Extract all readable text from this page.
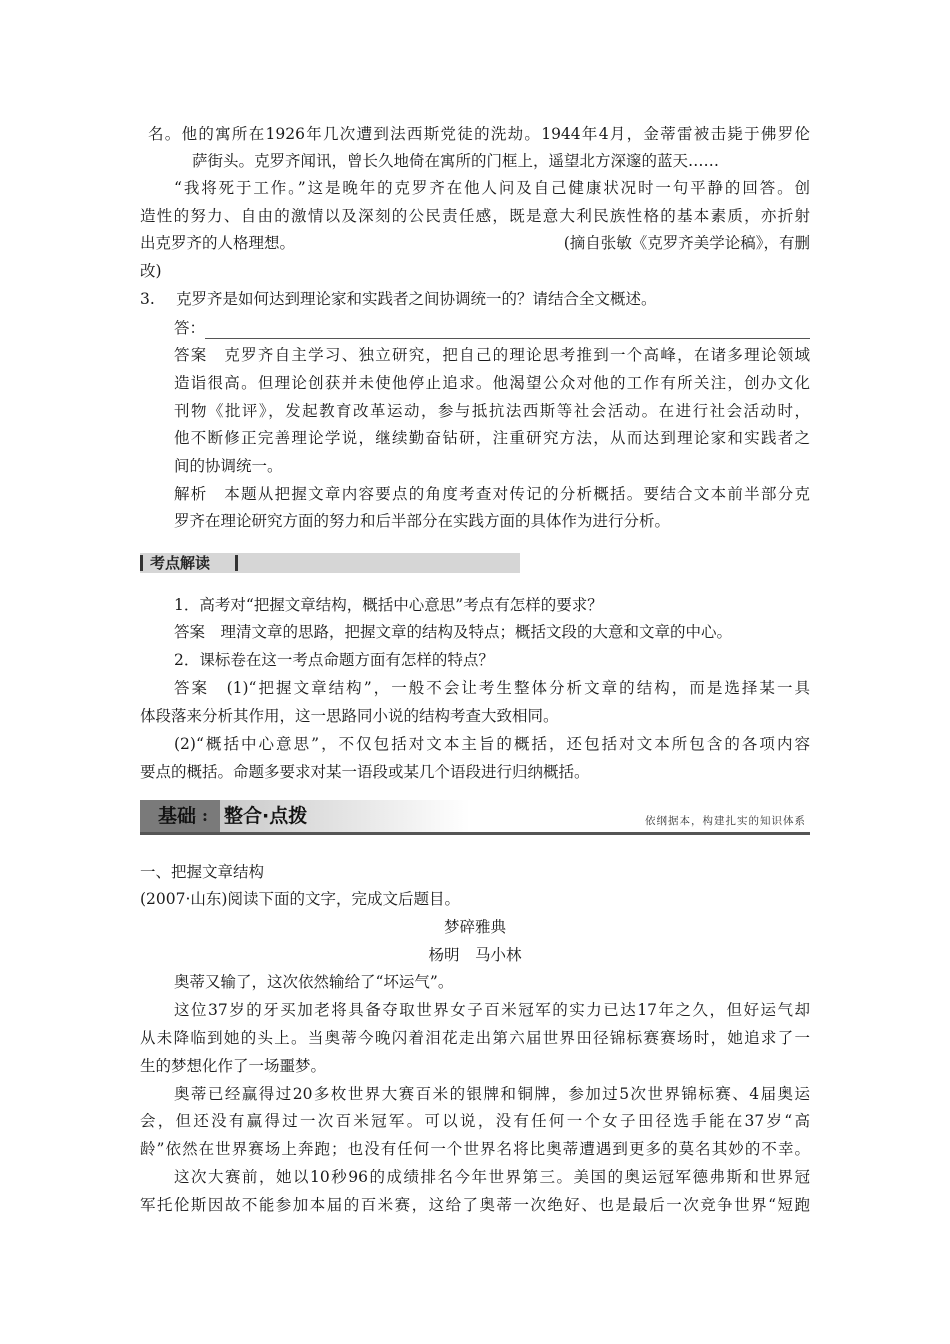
名。他的寓所在1926年几次遭到法西斯党徒的洗劫。1944年4月，金蒂雷被击毙于佛罗伦
萨街头。克罗齐闻讯，曾长久地倚在寓所的门框上，遥望北方深邃的蓝天……
“我将死于工作。”这是晚年的克罗齐在他人问及自己健康状况时一句平静的回答。创
造性的努力、自由的激情以及深刻的公民责任感，既是意大利民族性格的基本素质，亦折射
出克罗齐的人格理想。	(摘自张敏《克罗齐美学论稿》，有删
改)
3. 克罗齐是如何达到理论家和实践者之间协调统一的？请结合全文概述。
答：
答案　克罗齐自主学习、独立研究，把自己的理论思考推到一个高峰，在诸多理论领域
造诣很高。但理论创获并未使他停止追求。他渴望公众对他的工作有所关注，创办文化
刊物《批评》，发起教育改革运动，参与抵抗法西斯等社会活动。在进行社会活动时，
他不断修正完善理论学说，继续勤奋钻研，注重研究方法，从而达到理论家和实践者之
间的协调统一。
解析　本题从把握文章内容要点的角度考查对传记的分析概括。要结合文本前半部分克
罗齐在理论研究方面的努力和后半部分在实践方面的具体作为进行分析。
考点解读
1．高考对“把握文章结构，概括中心意思”考点有怎样的要求？
答案　理清文章的思路，把握文章的结构及特点；概括文段的大意和文章的中心。
2．课标卷在这一考点命题方面有怎样的特点？
答案　(1)“把握文章结构”，一般不会让考生整体分析文章的结构，而是选择某一具
体段落来分析其作用，这一思路同小说的结构考查大致相同。
(2)“概括中心意思”，不仅包括对文本主旨的概括，还包括对文本所包含的各项内容
要点的概括。命题多要求对某一语段或某几个语段进行归纳概括。
基础 : 整合·点拨	依纲据本，构建扎实的知识体系
一、把握文章结构
(2007·山东)阅读下面的文字，完成文后题目。
梦碎雅典
杨明　马小林
奥蒂又输了，这次依然输给了“坏运气”。
这位37岁的牙买加老将具备夺取世界女子百米冠军的实力已达17年之久，但好运气却
从未降临到她的头上。当奥蒂今晚闪着泪花走出第六届世界田径锦标赛赛场时，她追求了一
生的梦想化作了一场噩梦。
奥蒂已经赢得过20多枚世界大赛百米的银牌和铜牌，参加过5次世界锦标赛、4届奥运
会，但还没有赢得过一次百米冠军。可以说，没有任何一个女子田径选手能在37岁“高
龄”依然在世界赛场上奔跑；也没有任何一个世界名将比奥蒂遭遇到更多的莫名其妙的不幸。
这次大赛前，她以10秒96的成绩排名今年世界第三。美国的奥运冠军德弗斯和世界冠
军托伦斯因故不能参加本届的百米赛，这给了奥蒂一次绝好、也是最后一次竞争世界“短跑
